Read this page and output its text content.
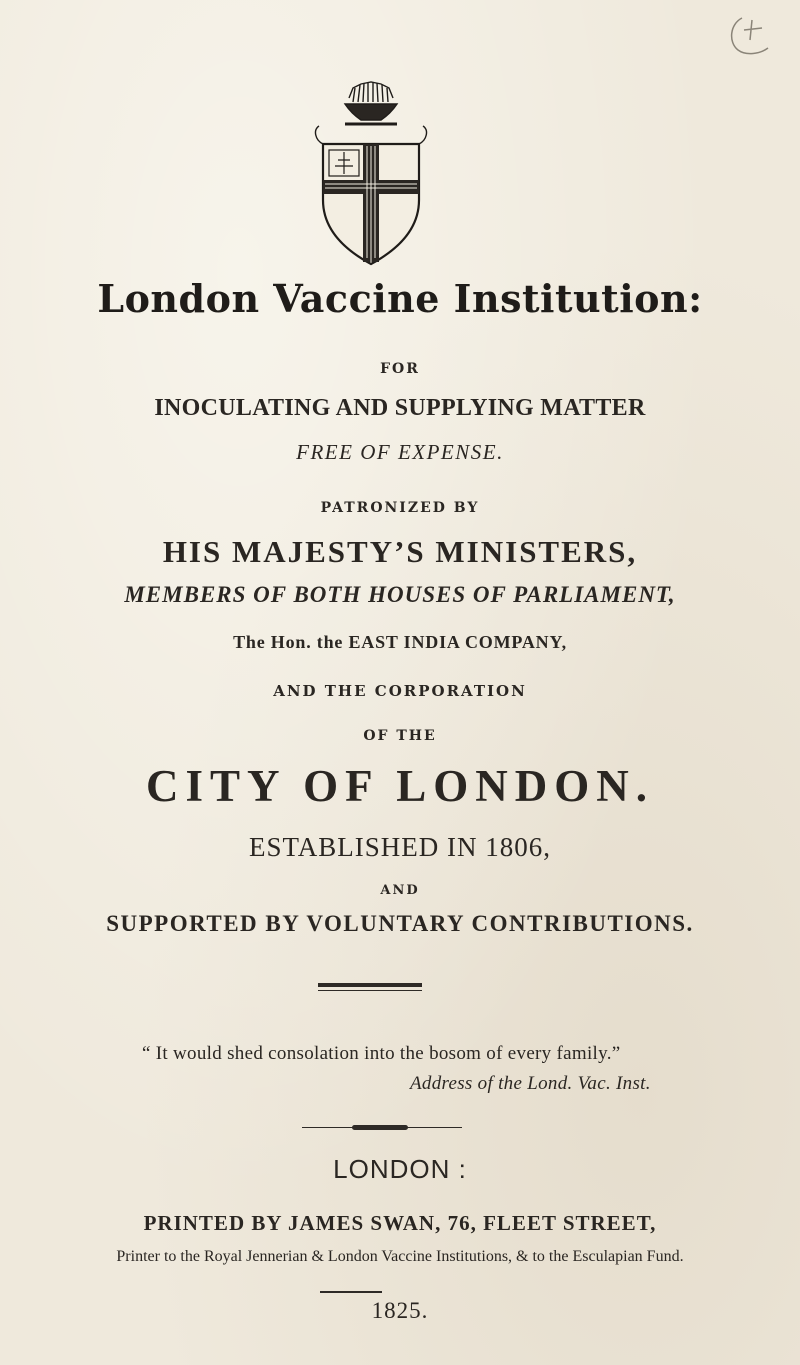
London Vaccine Institution:

FOR

INOCULATING AND SUPPLYING MATTER

FREE OF EXPENSE.

PATRONIZED BY

HIS MAJESTY’S MINISTERS,

MEMBERS OF BOTH HOUSES OF PARLIAMENT,

The Hon. the EAST INDIA COMPANY,

AND THE CORPORATION

OF THE

CITY OF LONDON.

ESTABLISHED IN 1806,

AND

SUPPORTED BY VOLUNTARY CONTRIBUTIONS.

“ It would shed consolation into the bosom of every family.”

Address of the Lond. Vac. Inst.

LONDON :

PRINTED BY JAMES SWAN, 76, FLEET STREET,

Printer to the Royal Jennerian & London Vaccine Institutions, & to the Esculapian Fund.

1825.
